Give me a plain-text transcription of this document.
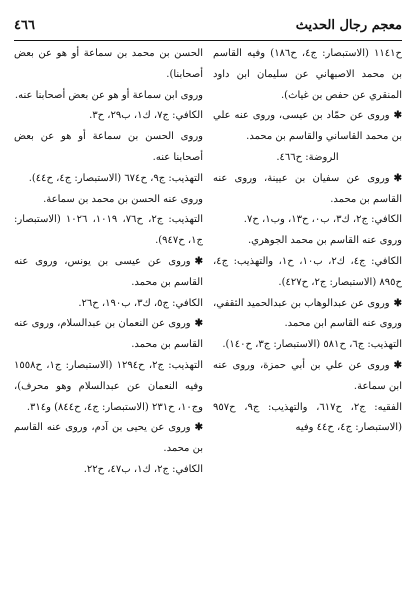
معجم رجال الحديث
٤٦٦

ح١١٤١ (الاستبصار: ج٤، ح١٨٦) وفيه القاسم بن محمد الاصبهاني عن سليمان ابن داود المنقري عن حفص بن غياث).

✱وروى عن حمّاد بن عيسى، وروى عنه علي بن محمد القاساني والقاسم بن محمد.

الروضة: ح٤٦٦.

✱وروى عن سفيان بن عيينة، وروى عنه القاسم بن محمد.

الكافي: ج٢، ك٣، ب٠، ح١٣، وب١، ح٧.

وروى عنه القاسم بن محمد الجوهري.

الكافي: ج٤، ك٢، ب١٠، ح١، والتهذيب: ج٤، ح٨٩٥ (الاستبصار: ج٢، ح٤٢٧).

✱وروى عن عبدالوهاب بن عبدالحميد الثقفي، وروى عنه القاسم ابن محمد.

التهذيب: ج٦، ح٥٨١ (الاستبصار: ج٣، ح١٤٠).

✱وروى عن علي بن أبي حمزة، وروى عنه ابن سماعة.

الفقيه: ج٢، ح٦١٧، والتهذيب: ج٩، ح٩٥٧ (الاستبصار: ج٤، ح٤٤ وفيه

الحسن بن محمد بن سماعة أو هو عن بعض أصحابنا).

وروى ابن سماعة أو هو عن بعض أصحابنا عنه.

الكافي: ج٧، ك١، ب٢٩، ح٣.

وروى الحسن بن سماعة أو هو عن بعض أصحابنا عنه.

التهذيب: ج٩، ح٦٧٤ (الاستبصار: ج٤، ح٤٤).

وروى عنه الحسن بن محمد بن سماعة.

التهذيب: ج٢، ح٧٦، ١٠١٩، ١٠٢٦ (الاستبصار: ج١، ح٩٤٧).

✱وروى عن عيسى بن يونس، وروى عنه القاسم بن محمد.

الكافي: ج٥، ك٣، ب١٩٠، ح٢٦.

✱وروى عن النعمان بن عبدالسلام، وروى عنه القاسم بن محمد.

التهذيب: ج٢، ح١٢٩٤ (الاستبصار: ج١، ح١٥٥٨ وفيه النعمان عن عبدالسلام وهو محرف)، وج١٠، ح٢٣١ (الاستبصار: ج٤، ح٨٤٤) و٣١٤.

✱وروى عن يحيى بن آدم، وروى عنه القاسم بن محمد.

الكافي: ج٢، ك١، ب٤٧، ح٢٢.
